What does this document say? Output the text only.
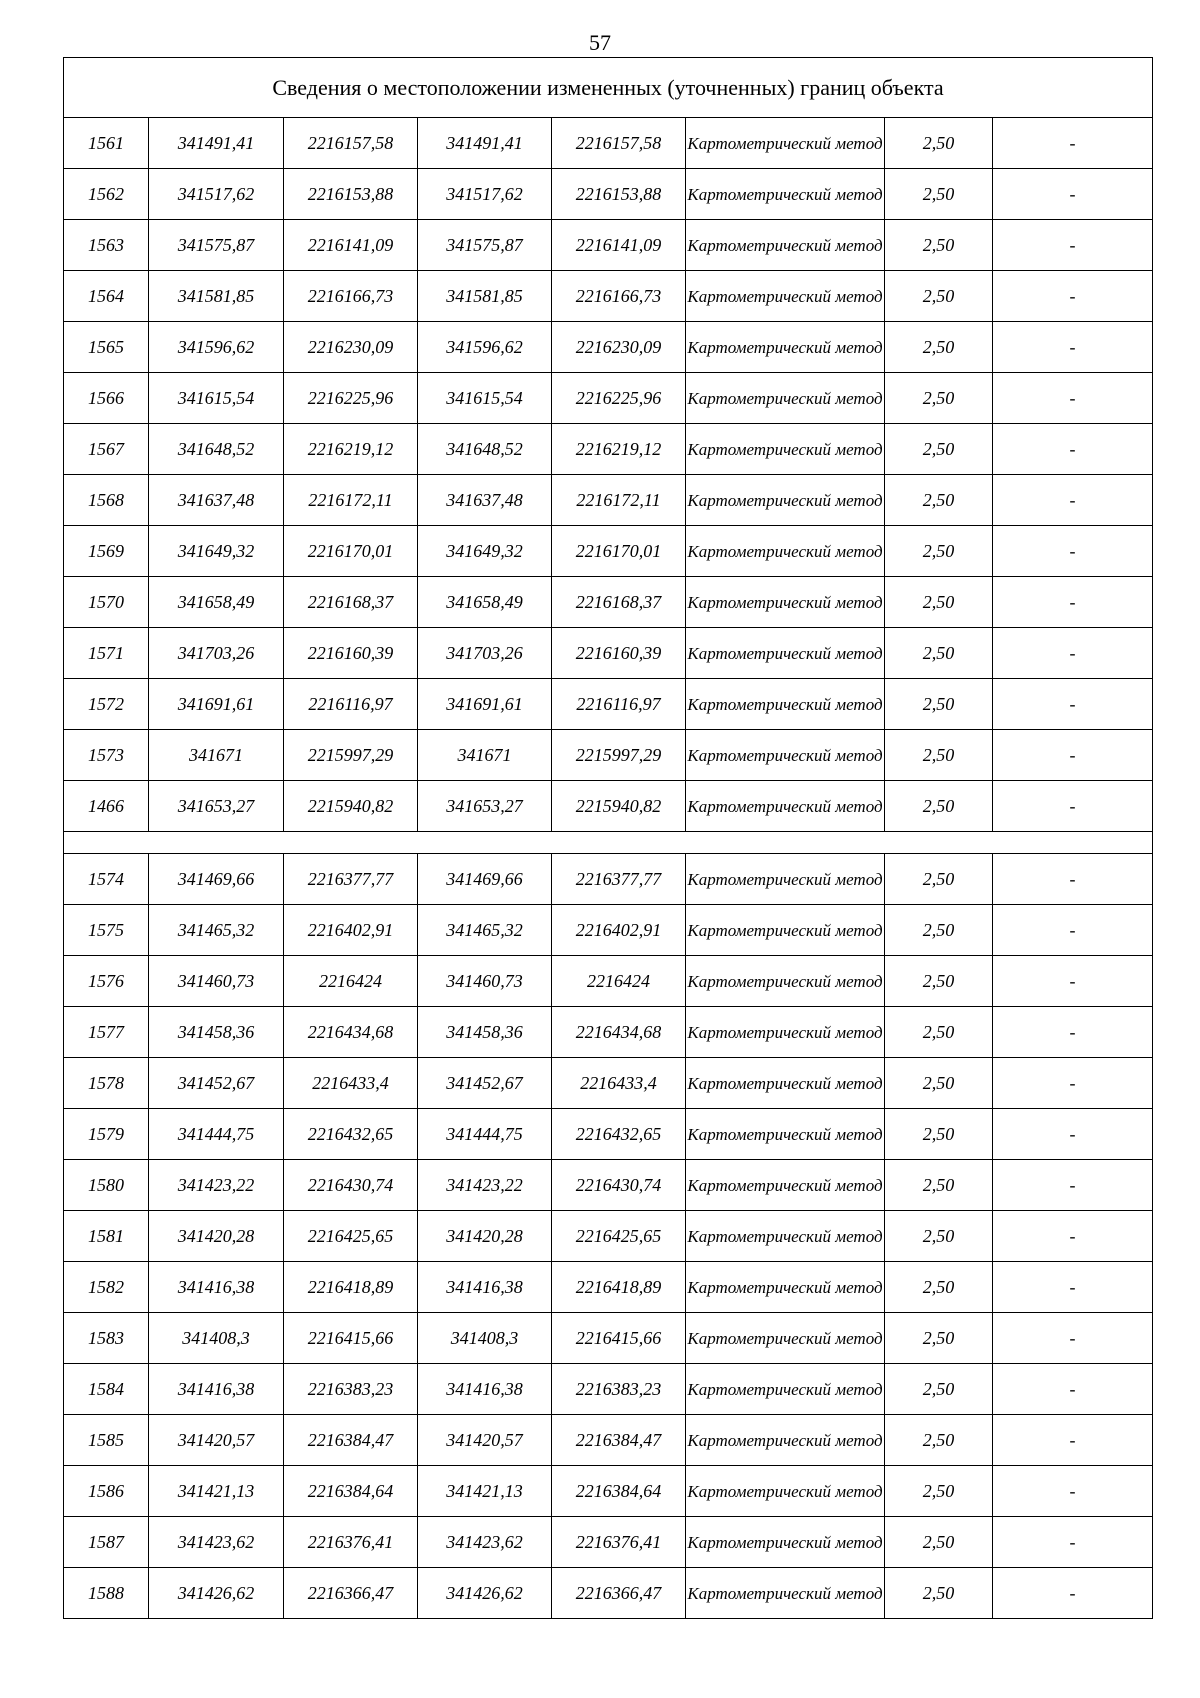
57
Сведения о местоположении измененных (уточненных) границ объекта							
1561	341491,41	2216157,58	341491,41	2216157,58	Картометрический метод	2,50	-
1562	341517,62	2216153,88	341517,62	2216153,88	Картометрический метод	2,50	-
1563	341575,87	2216141,09	341575,87	2216141,09	Картометрический метод	2,50	-
1564	341581,85	2216166,73	341581,85	2216166,73	Картометрический метод	2,50	-
1565	341596,62	2216230,09	341596,62	2216230,09	Картометрический метод	2,50	-
1566	341615,54	2216225,96	341615,54	2216225,96	Картометрический метод	2,50	-
1567	341648,52	2216219,12	341648,52	2216219,12	Картометрический метод	2,50	-
1568	341637,48	2216172,11	341637,48	2216172,11	Картометрический метод	2,50	-
1569	341649,32	2216170,01	341649,32	2216170,01	Картометрический метод	2,50	-
1570	341658,49	2216168,37	341658,49	2216168,37	Картометрический метод	2,50	-
1571	341703,26	2216160,39	341703,26	2216160,39	Картометрический метод	2,50	-
1572	341691,61	2216116,97	341691,61	2216116,97	Картометрический метод	2,50	-
1573	341671	2215997,29	341671	2215997,29	Картометрический метод	2,50	-
1466	341653,27	2215940,82	341653,27	2215940,82	Картометрический метод	2,50	-

1574	341469,66	2216377,77	341469,66	2216377,77	Картометрический метод	2,50	-
1575	341465,32	2216402,91	341465,32	2216402,91	Картометрический метод	2,50	-
1576	341460,73	2216424	341460,73	2216424	Картометрический метод	2,50	-
1577	341458,36	2216434,68	341458,36	2216434,68	Картометрический метод	2,50	-
1578	341452,67	2216433,4	341452,67	2216433,4	Картометрический метод	2,50	-
1579	341444,75	2216432,65	341444,75	2216432,65	Картометрический метод	2,50	-
1580	341423,22	2216430,74	341423,22	2216430,74	Картометрический метод	2,50	-
1581	341420,28	2216425,65	341420,28	2216425,65	Картометрический метод	2,50	-
1582	341416,38	2216418,89	341416,38	2216418,89	Картометрический метод	2,50	-
1583	341408,3	2216415,66	341408,3	2216415,66	Картометрический метод	2,50	-
1584	341416,38	2216383,23	341416,38	2216383,23	Картометрический метод	2,50	-
1585	341420,57	2216384,47	341420,57	2216384,47	Картометрический метод	2,50	-
1586	341421,13	2216384,64	341421,13	2216384,64	Картометрический метод	2,50	-
1587	341423,62	2216376,41	341423,62	2216376,41	Картометрический метод	2,50	-
1588	341426,62	2216366,47	341426,62	2216366,47	Картометрический метод	2,50	-
